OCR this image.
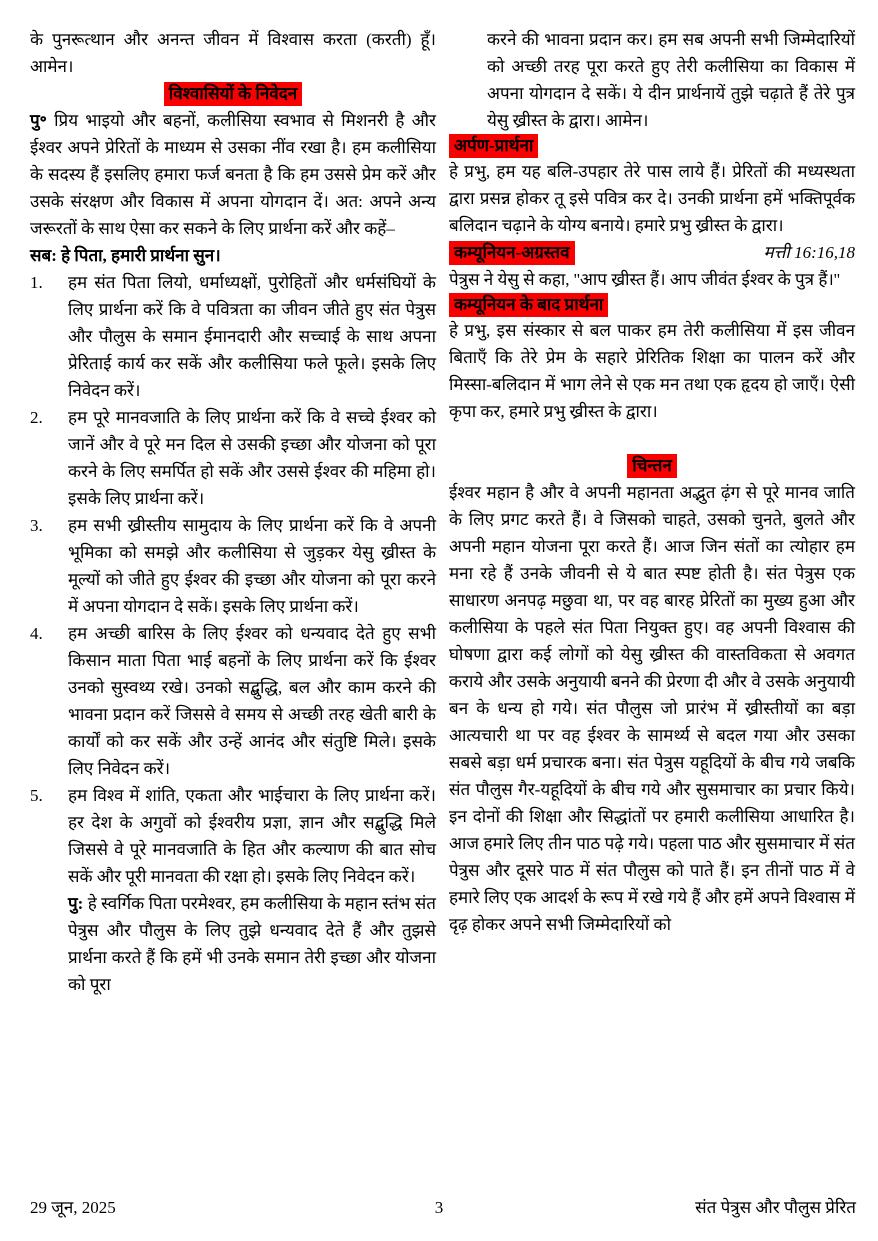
के पुनरूत्थान और अनन्त जीवन में विश्वास करता (करती) हूँ। आमेन।
विश्वासियों के निवेदन
पु॰ प्रिय भाइयो और बहनों, कलीसिया स्वभाव से मिशनरी है और ईश्वर अपने प्रेरितों के माध्यम से उसका नींव रखा है। हम कलीसिया के सदस्य हैं इसलिए हमारा फर्ज बनता है कि हम उससे प्रेम करें और उसके संरक्षण और विकास में अपना योगदान दें। अत: अपने अन्य जरूरतों के साथ ऐसा कर सकने के लिए प्रार्थना करें और कहें–
सब: हे पिता, हमारी प्रार्थना सुन।
1.	हम संत पिता लियो, धर्माध्यक्षों, पुरोहितों और धर्मसंघियों के लिए प्रार्थना करें कि वे पवित्रता का जीवन जीते हुए संत पेत्रुस और पौलुस के समान ईमानदारी और सच्चाई के साथ अपना प्रेरिताई कार्य कर सकें और कलीसिया फले फूले। इसके लिए निवेदन करें।
2.	हम पूरे मानवजाति के लिए प्रार्थना करें कि वे सच्चे ईश्वर को जानें और वे पूरे मन दिल से उसकी इच्छा और योजना को पूरा करने के लिए समर्पित हो सकें और उससे ईश्वर की महिमा हो। इसके लिए प्रार्थना करें।
3.	हम सभी ख्रीस्तीय सामुदाय के लिए प्रार्थना करें कि वे अपनी भूमिका को समझे और कलीसिया से जुड़कर येसु ख्रीस्त के मूल्यों को जीते हुए ईश्वर की इच्छा और योजना को पूरा करने में अपना योगदान दे सकें। इसके लिए प्रार्थना करें।
4.	हम अच्छी बारिस के लिए ईश्वर को धन्यवाद देते हुए सभी किसान माता पिता भाई बहनों के लिए प्रार्थना करें कि ईश्वर उनको सुस्वथ्य रखे। उनको सद्बुद्धि, बल और काम करने की भावना प्रदान करें जिससे वे समय से अच्छी तरह खेती बारी के कार्यों को कर सकें और उन्हें आनंद और संतुष्टि मिले। इसके लिए निवेदन करें।
5.	हम विश्व में शांति, एकता और भाईचारा के लिए प्रार्थना करें। हर देश के अगुवों को ईश्वरीय प्रज्ञा, ज्ञान और सद्बुद्धि मिले जिससे वे पूरे मानवजाति के हित और कल्याण की बात सोच सकें और पूरी मानवता की रक्षा हो। इसके लिए निवेदन करें।
पु: हे स्वर्गिक पिता परमेश्वर, हम कलीसिया के महान स्तंभ संत पेत्रुस और पौलुस के लिए तुझे धन्यवाद देते हैं और तुझसे प्रार्थना करते हैं कि हमें भी उनके समान तेरी इच्छा और योजना को पूरा
करने की भावना प्रदान कर। हम सब अपनी सभी जिम्मेदारियों को अच्छी तरह पूरा करते हुए तेरी कलीसिया का विकास में अपना योगदान दे सकें। ये दीन प्रार्थनायें तुझे चढ़ाते हैं तेरे पुत्र येसु ख्रीस्त के द्वारा। आमेन।
अर्पण-प्रार्थना
हे प्रभु, हम यह बलि-उपहार तेरे पास लाये हैं। प्रेरितों की मध्यस्थता द्वारा प्रसन्न होकर तू इसे पवित्र कर दे। उनकी प्रार्थना हमें भक्तिपूर्वक बलिदान चढ़ाने के योग्य बनाये। हमारे प्रभु ख्रीस्त के द्वारा।
कम्यूनियन-अग्रस्तव	मत्ती 16:16,18
पेत्रुस ने येसु से कहा, ''आप ख्रीस्त हैं। आप जीवंत ईश्वर के पुत्र हैं।''
कम्यूनियन के बाद प्रार्थना
हे प्रभु, इस संस्कार से बल पाकर हम तेरी कलीसिया में इस जीवन बिताएँ कि तेरे प्रेम के सहारे प्रेरितिक शिक्षा का पालन करें और मिस्सा-बलिदान में भाग लेने से एक मन तथा एक हृदय हो जाएँ। ऐसी कृपा कर, हमारे प्रभु ख्रीस्त के द्वारा।
चिन्तन
ईश्वर महान है और वे अपनी महानता अद्भुत ढ़ंग से पूरे मानव जाति के लिए प्रगट करते हैं। वे जिसको चाहते, उसको चुनते, बुलते और अपनी महान योजना पूरा करते हैं। आज जिन संतों का त्योहार हम मना रहे हैं उनके जीवनी से ये बात स्पष्ट होती है। संत पेत्रुस एक साधारण अनपढ़ मछुवा था, पर वह बारह प्रेरितों का मुख्य हुआ और कलीसिया के पहले संत पिता नियुक्त हुए। वह अपनी विश्वास की घोषणा द्वारा कई लोगों को येसु ख्रीस्त की वास्तविकता से अवगत कराये और उसके अनुयायी बनने की प्रेरणा दी और वे उसके अनुयायी बन के धन्य हो गये। संत पौलुस जो प्रारंभ में ख्रीस्तीयों का बड़ा आत्यचारी था पर वह ईश्वर के सामर्थ्य से बदल गया और उसका सबसे बड़ा धर्म प्रचारक बना। संत पेत्रुस यहूदियों के बीच गये जबकि संत पौलुस गैर-यहूदियों के बीच गये और सुसमाचार का प्रचार किये। इन दोनों की शिक्षा और सिद्धांतों पर हमारी कलीसिया आधारित है। आज हमारे लिए तीन पाठ पढ़े गये। पहला पाठ और सुसमाचार में संत पेत्रुस और दूसरे पाठ में संत पौलुस को पाते हैं। इन तीनों पाठ में वे हमारे लिए एक आदर्श के रूप में रखे गये हैं और हमें अपने विश्वास में दृढ़ होकर अपने सभी जिम्मेदारियों को
3
29 जून, 2025	संत पेत्रुस और पौलुस प्रेरित
